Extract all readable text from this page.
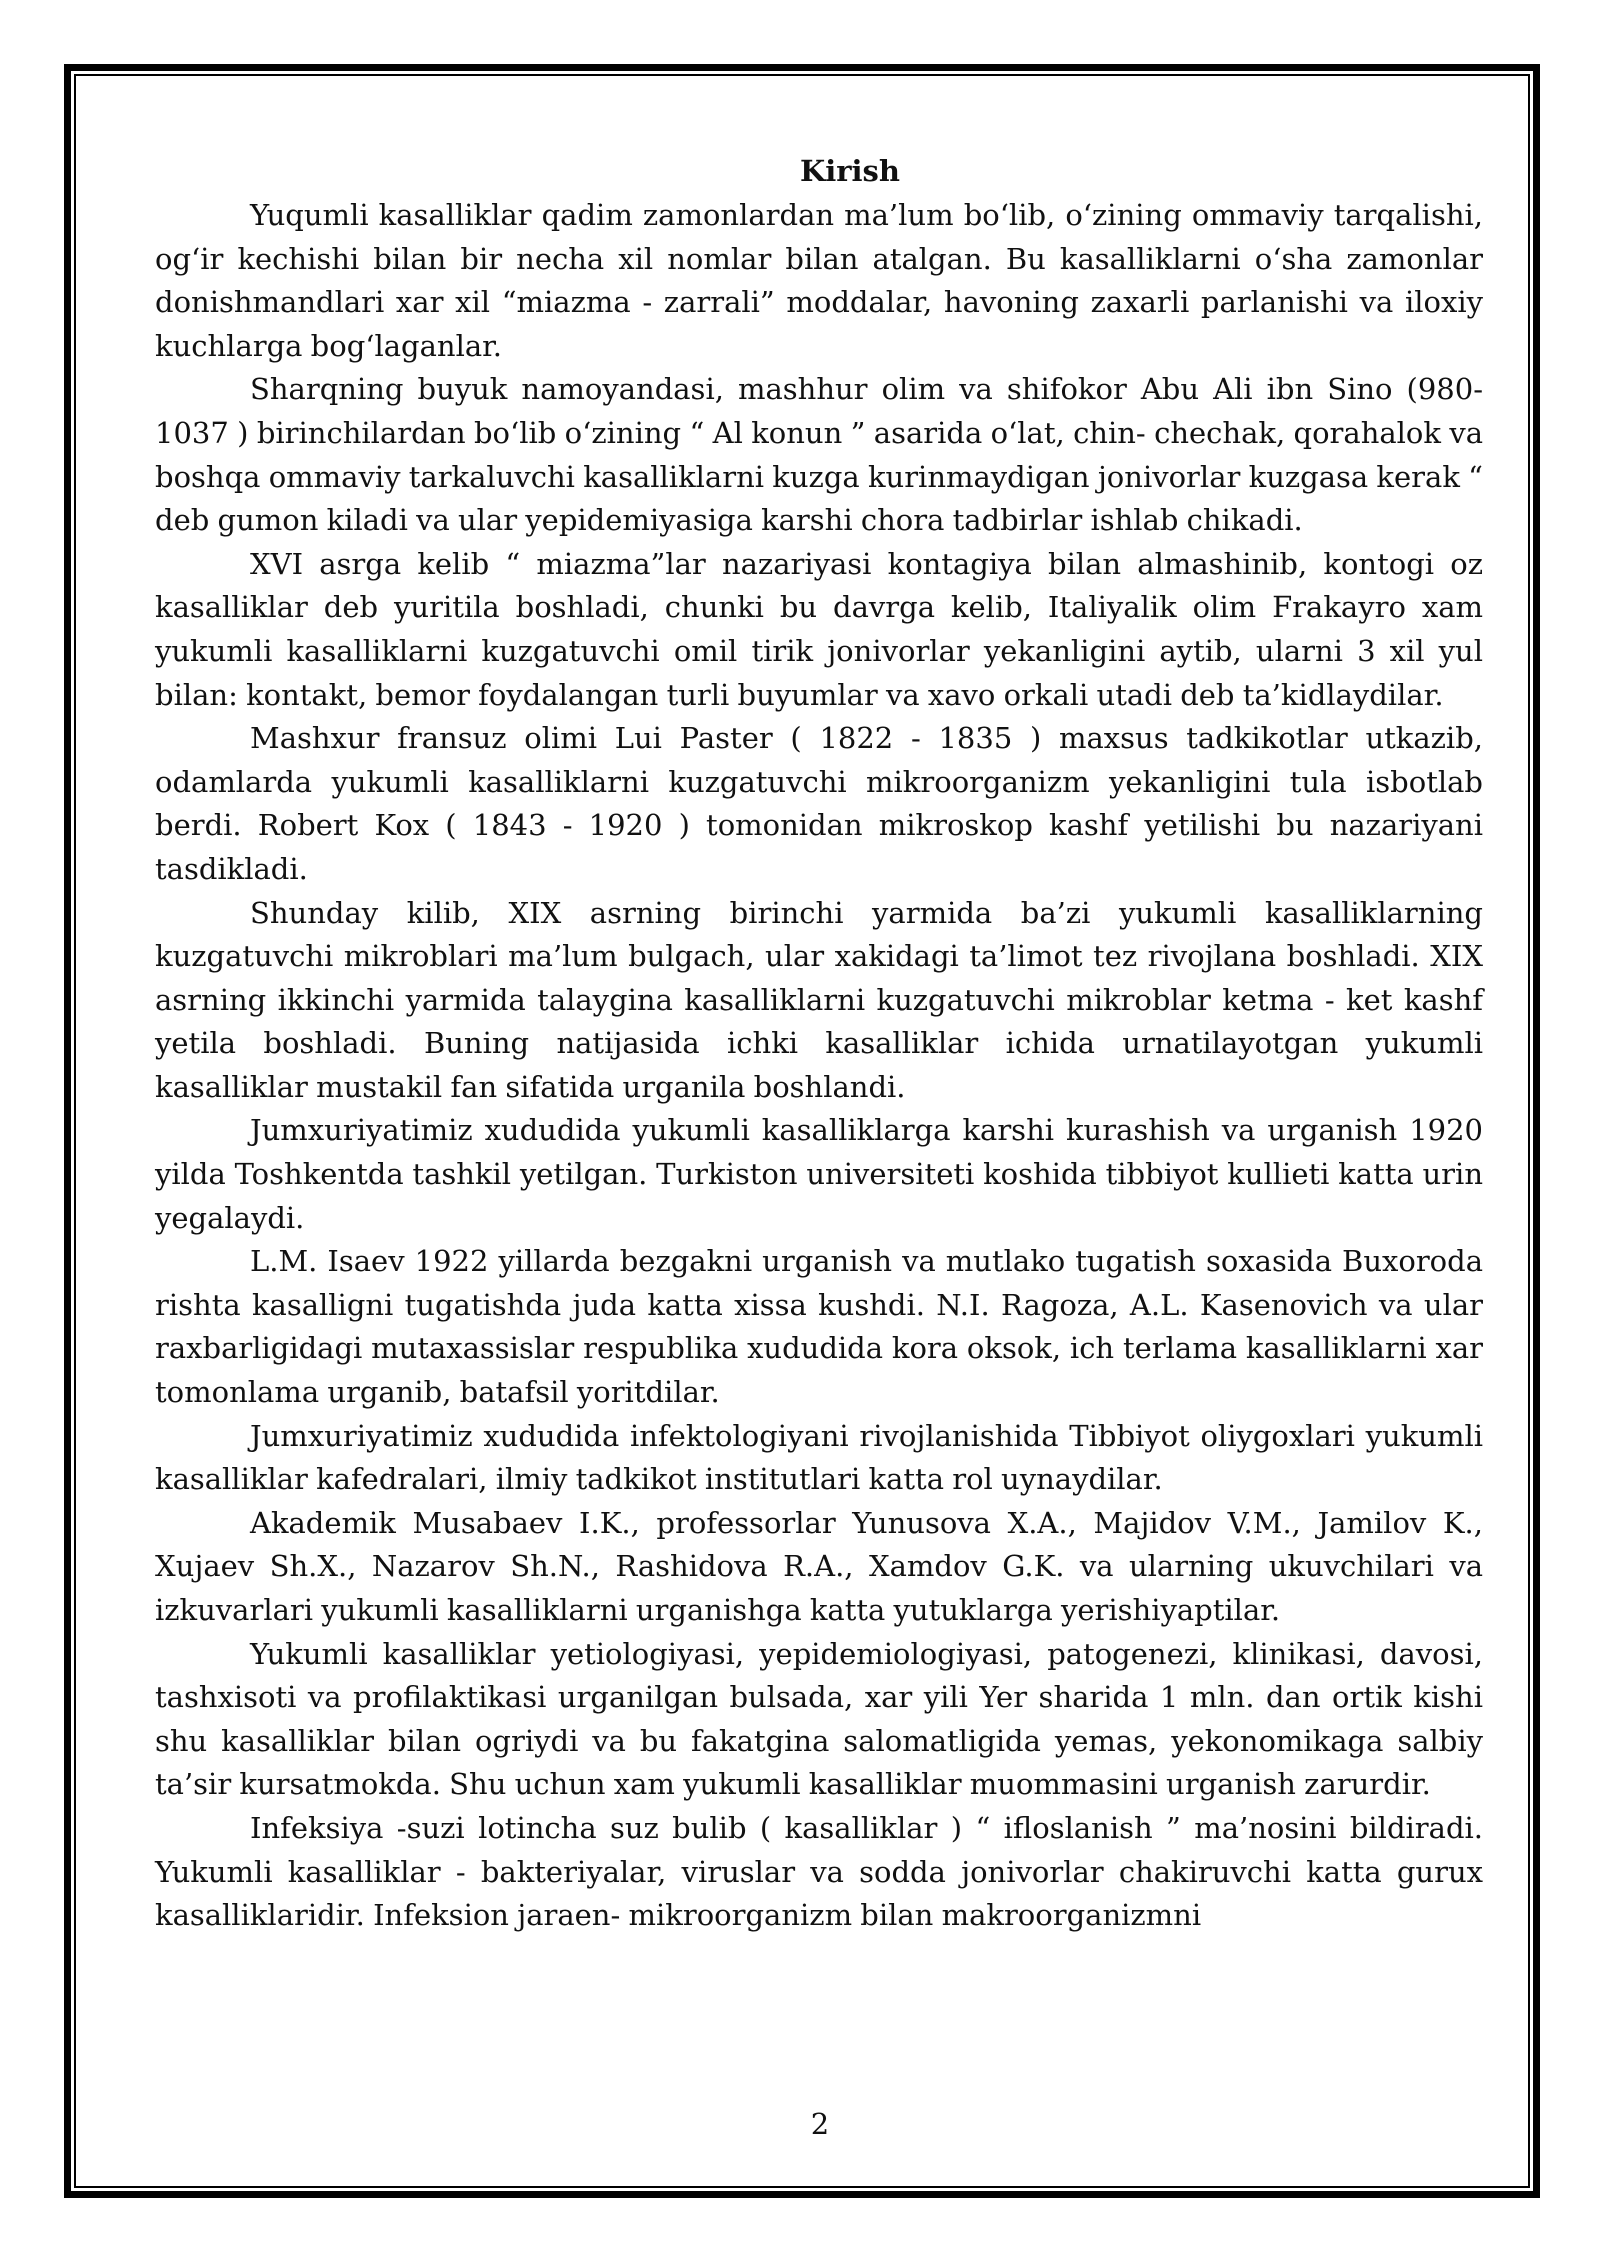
Kirish

Yuqumli kasalliklar qadim zamonlardan ma’lum bo‘lib, o‘zining ommaviy tarqalishi, og‘ir kechishi bilan bir necha xil nomlar bilan atalgan. Bu kasalliklarni o‘sha zamonlar donishmandlari xar xil “miazma - zarrali” moddalar, havoning zaxarli parlanishi va iloxiy kuchlarga bog‘laganlar.

Sharqning buyuk namoyandasi, mashhur olim va shifokor Abu Ali ibn Sino (980-1037 ) birinchilardan bo‘lib o‘zining “ Al konun ” asarida o‘lat, chin- chechak, qorahalok va boshqa ommaviy tarkaluvchi kasalliklarni kuzga kurinmaydigan jonivorlar kuzgasa kerak “ deb gumon kiladi va ular yepidemiyasiga karshi chora tadbirlar ishlab chikadi.

XVI asrga kelib “ miazma”lar nazariyasi kontagiya bilan almashinib, kontogi oz kasalliklar deb yuritila boshladi, chunki bu davrga kelib, Italiyalik olim Frakayro xam yukumli kasalliklarni kuzgatuvchi omil tirik jonivorlar yekanligini aytib, ularni 3 xil yul bilan: kontakt, bemor foydalangan turli buyumlar va xavo orkali utadi deb ta’kidlaydilar.

Mashxur fransuz olimi Lui Paster ( 1822 - 1835 ) maxsus tadkikotlar utkazib, odamlarda yukumli kasalliklarni kuzgatuvchi mikroorganizm yekanligini tula isbotlab berdi. Robert Kox ( 1843 - 1920 ) tomonidan mikroskop kashf yetilishi bu nazariyani tasdikladi.

Shunday kilib, XIX asrning birinchi yarmida ba’zi yukumli kasalliklarning kuzgatuvchi mikroblari ma’lum bulgach, ular xakidagi ta’limot tez rivojlana boshladi. XIX asrning ikkinchi yarmida talaygina kasalliklarni kuzgatuvchi mikroblar ketma - ket kashf yetila boshladi. Buning natijasida ichki kasalliklar ichida urnatilayotgan yukumli kasalliklar mustakil fan sifatida urganila boshlandi.

Jumxuriyatimiz xududida yukumli kasalliklarga karshi kurashish va urganish 1920 yilda Toshkentda tashkil yetilgan. Turkiston universiteti koshida tibbiyot kullieti katta urin yegalaydi.

L.M. Isaev 1922 yillarda bezgakni urganish va mutlako tugatish soxasida Buxoroda rishta kasalligni tugatishda juda katta xissa kushdi. N.I. Ragoza, A.L. Kasenovich va ular raxbarligidagi mutaxassislar respublika xududida kora oksok, ich terlama kasalliklarni xar tomonlama urganib, batafsil yoritdilar.

Jumxuriyatimiz xududida infektologiyani rivojlanishida Tibbiyot oliygoxlari yukumli kasalliklar kafedralari, ilmiy tadkikot institutlari katta rol uynaydilar.

Akademik Musabaev I.K., professorlar Yunusova X.A., Majidov V.M., Jamilov K., Xujaev Sh.X., Nazarov Sh.N., Rashidova R.A., Xamdov G.K. va ularning ukuvchilari va izkuvarlari yukumli kasalliklarni urganishga katta yutuklarga yerishiyaptilar.

Yukumli kasalliklar yetiologiyasi, yepidemiologiyasi, patogenezi, klinikasi, davosi, tashxisoti va profilaktikasi urganilgan bulsada, xar yili Yer sharida 1 mln. dan ortik kishi shu kasalliklar bilan ogriydi va bu fakatgina salomatligida yemas, yekonomikaga salbiy ta’sir kursatmokda. Shu uchun xam yukumli kasalliklar muommasini urganish zarurdir.

Infeksiya -suzi lotincha suz bulib ( kasalliklar ) “ ifloslanish ” ma’nosini bildiradi. Yukumli kasalliklar - bakteriyalar, viruslar va sodda jonivorlar chakiruvchi katta gurux kasalliklaridir. Infeksion jaraen- mikroorganizm bilan makroorganizmni

2
